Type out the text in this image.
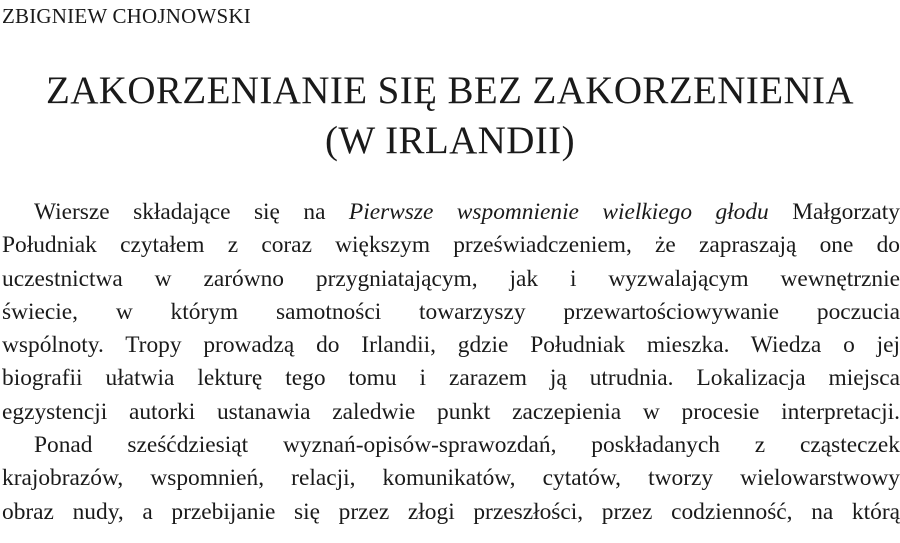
ZBIGNIEW CHOJNOWSKI
ZAKORZENIANIE SIĘ BEZ ZAKORZENIENIA
(W IRLANDII)
Wiersze składające się na Pierwsze wspomnienie wielkiego głodu Małgorzaty
Południak czytałem z coraz większym przeświadczeniem, że zapraszają one do
uczestnictwa w zarówno przygniatającym, jak i wyzwalającym wewnętrznie
świecie, w którym samotności towarzyszy przewartościowywanie poczucia
wspólnoty. Tropy prowadzą do Irlandii, gdzie Południak mieszka. Wiedza o jej
biografii ułatwia lekturę tego tomu i zarazem ją utrudnia. Lokalizacja miejsca
egzystencji autorki ustanawia zaledwie punkt zaczepienia w procesie interpretacji.
Ponad sześćdziesiąt wyznań-opisów-sprawozdań, poskładanych z cząsteczek
krajobrazów, wspomnień, relacji, komunikatów, cytatów, tworzy wielowarstwowy
obraz nudy, a przebijanie się przez złogi przeszłości, przez codzienność, na którą
